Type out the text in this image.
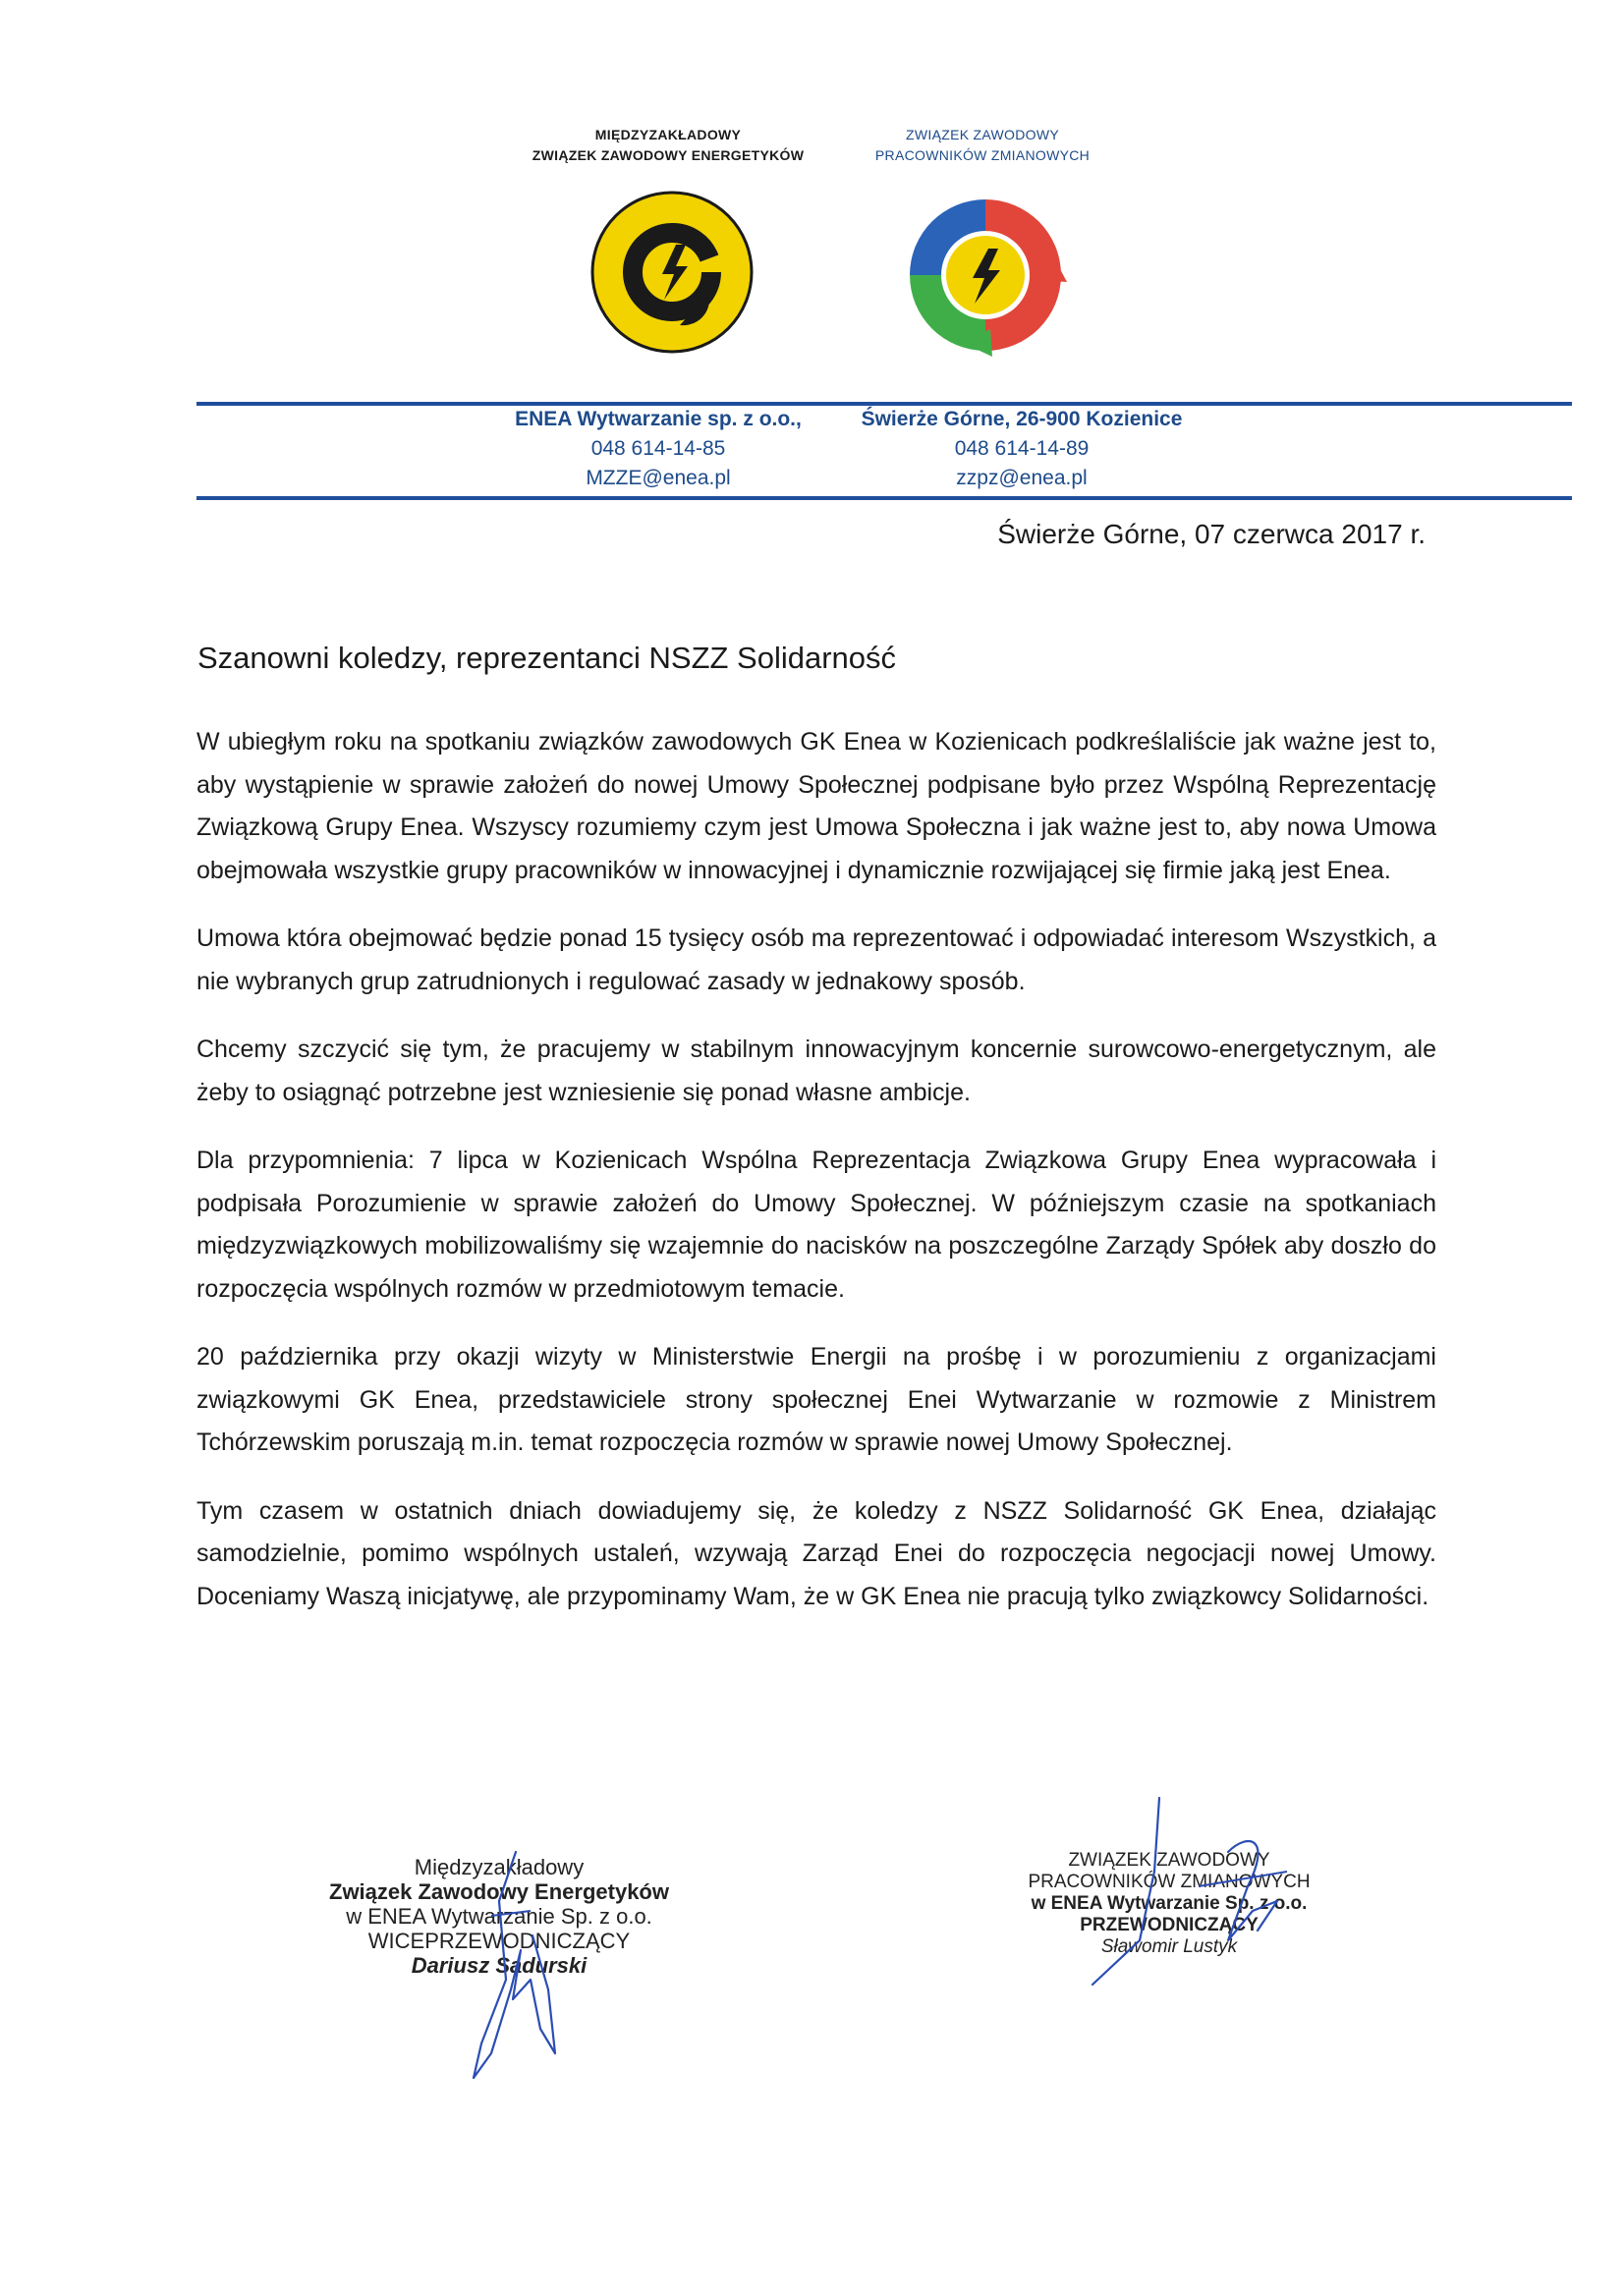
MIĘDZYZAKŁADOWY
ZWIĄZEK ZAWODOWY ENERGETYKÓW
ZWIĄZEK ZAWODOWY
PRACOWNIKÓW ZMIANOWYCH
ENEA Wytwarzanie sp. z o.o.,
048 614-14-85
MZZE@enea.pl
Świerże Górne, 26-900 Kozienice
048 614-14-89
zzpz@enea.pl
Świerże Górne, 07 czerwca 2017 r.
Szanowni koledzy, reprezentanci NSZZ Solidarność

W ubiegłym roku na spotkaniu związków zawodowych GK Enea w Kozienicach podkreślaliście jak ważne jest to, aby wystąpienie w sprawie założeń do nowej Umowy Społecznej podpisane było przez Wspólną Reprezentację Związkową Grupy Enea. Wszyscy rozumiemy czym jest Umowa Społeczna i jak ważne jest to, aby nowa Umowa obejmowała wszystkie grupy pracowników w innowacyjnej i dynamicznie rozwijającej się firmie jaką jest Enea.

Umowa która obejmować będzie ponad 15 tysięcy osób ma reprezentować i odpowiadać interesom Wszystkich, a nie wybranych grup zatrudnionych i regulować zasady w jednakowy sposób.

Chcemy szczycić się tym, że pracujemy w stabilnym innowacyjnym koncernie surowcowo-energetycznym, ale żeby to osiągnąć potrzebne jest wzniesienie się ponad własne ambicje.

Dla przypomnienia: 7 lipca w Kozienicach Wspólna Reprezentacja Związkowa Grupy Enea wypracowała i podpisała Porozumienie w sprawie założeń do Umowy Społecznej. W późniejszym czasie na spotkaniach międzyzwiązkowych mobilizowaliśmy się wzajemnie do nacisków na poszczególne Zarządy Spółek aby doszło do rozpoczęcia wspólnych rozmów w przedmiotowym temacie.

20 października przy okazji wizyty w Ministerstwie Energii na prośbę i w porozumieniu z organizacjami związkowymi GK Enea, przedstawiciele strony społecznej Enei Wytwarzanie w rozmowie z Ministrem Tchórzewskim poruszają m.in. temat rozpoczęcia rozmów w sprawie nowej Umowy Społecznej.

Tym czasem w ostatnich dniach dowiadujemy się, że koledzy z NSZZ Solidarność GK Enea, działając samodzielnie, pomimo wspólnych ustaleń, wzywają Zarząd Enei do rozpoczęcia negocjacji nowej Umowy. Doceniamy Waszą inicjatywę, ale przypominamy Wam, że w GK Enea nie pracują tylko związkowcy Solidarności.

Międzyzakładowy
Związek Zawodowy Energetyków
w ENEA Wytwarzanie Sp. z o.o.
WICEPRZEWODNICZĄCY
Dariusz Sadurski
ZWIĄZEK ZAWODOWY
PRACOWNIKÓW ZMIANOWYCH
w ENEA Wytwarzanie Sp. z o.o.
PRZEWODNICZĄCY
Sławomir Lustyk
